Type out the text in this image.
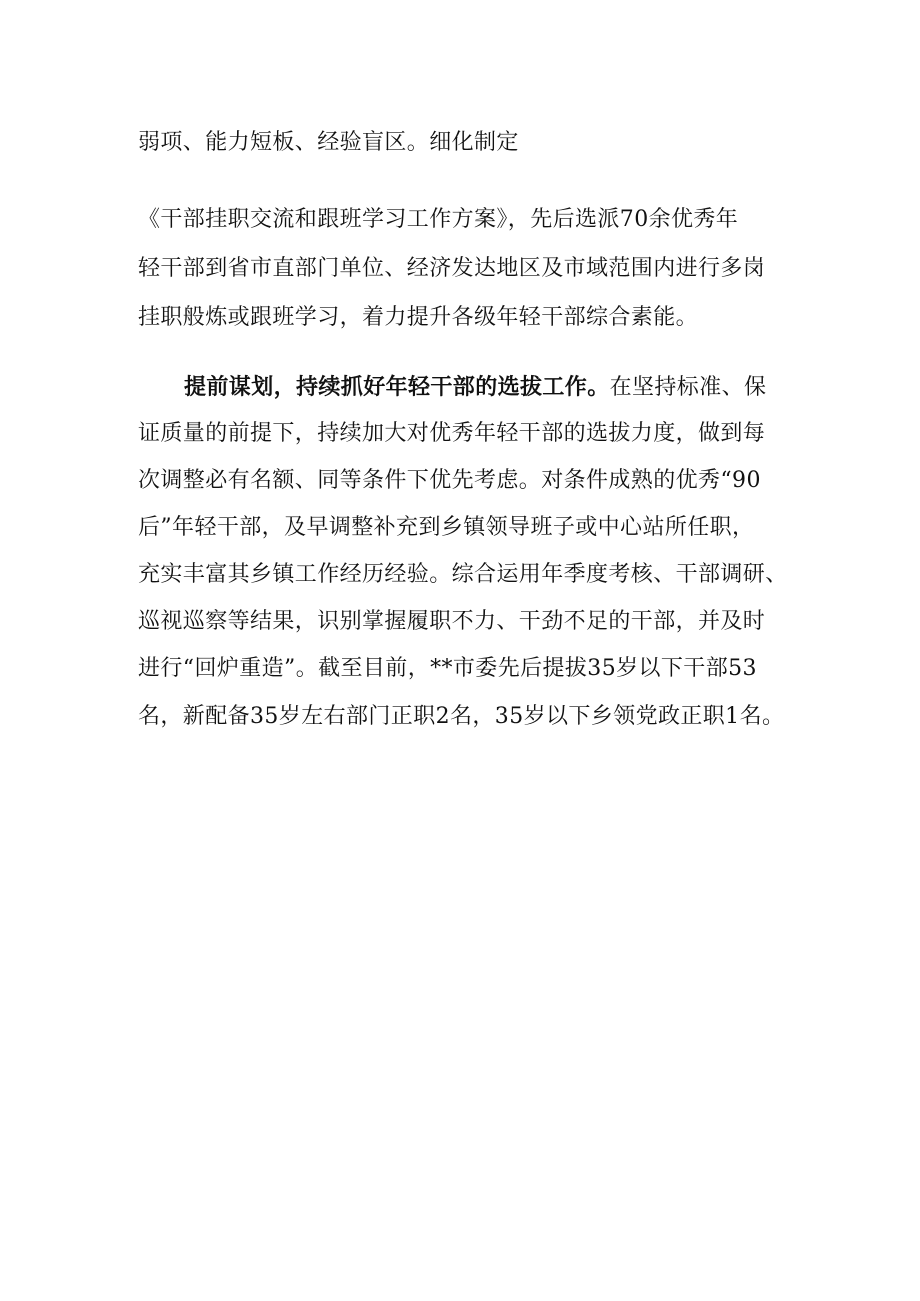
弱项、能力短板、经验盲区。细化制定
《干部挂职交流和跟班学习工作方案》，先后选派70余优秀年
轻干部到省市直部门单位、经济发达地区及市域范围内进行多岗
挂职般炼或跟班学习，着力提升各级年轻干部综合素能。
提前谋划，持续抓好年轻干部的选拔工作。在坚持标准、保
证质量的前提下，持续加大对优秀年轻干部的选拔力度，做到每
次调整必有名额、同等条件下优先考虑。对条件成熟的优秀“90
后”年轻干部，及早调整补充到乡镇领导班子或中心站所任职，
充实丰富其乡镇工作经历经验。综合运用年季度考核、干部调研、
巡视巡察等结果，识别掌握履职不力、干劲不足的干部，并及时
进行“回炉重造”。截至目前，**市委先后提拔35岁以下干部53
名，新配备35岁左右部门正职2名，35岁以下乡领党政正职1名。
